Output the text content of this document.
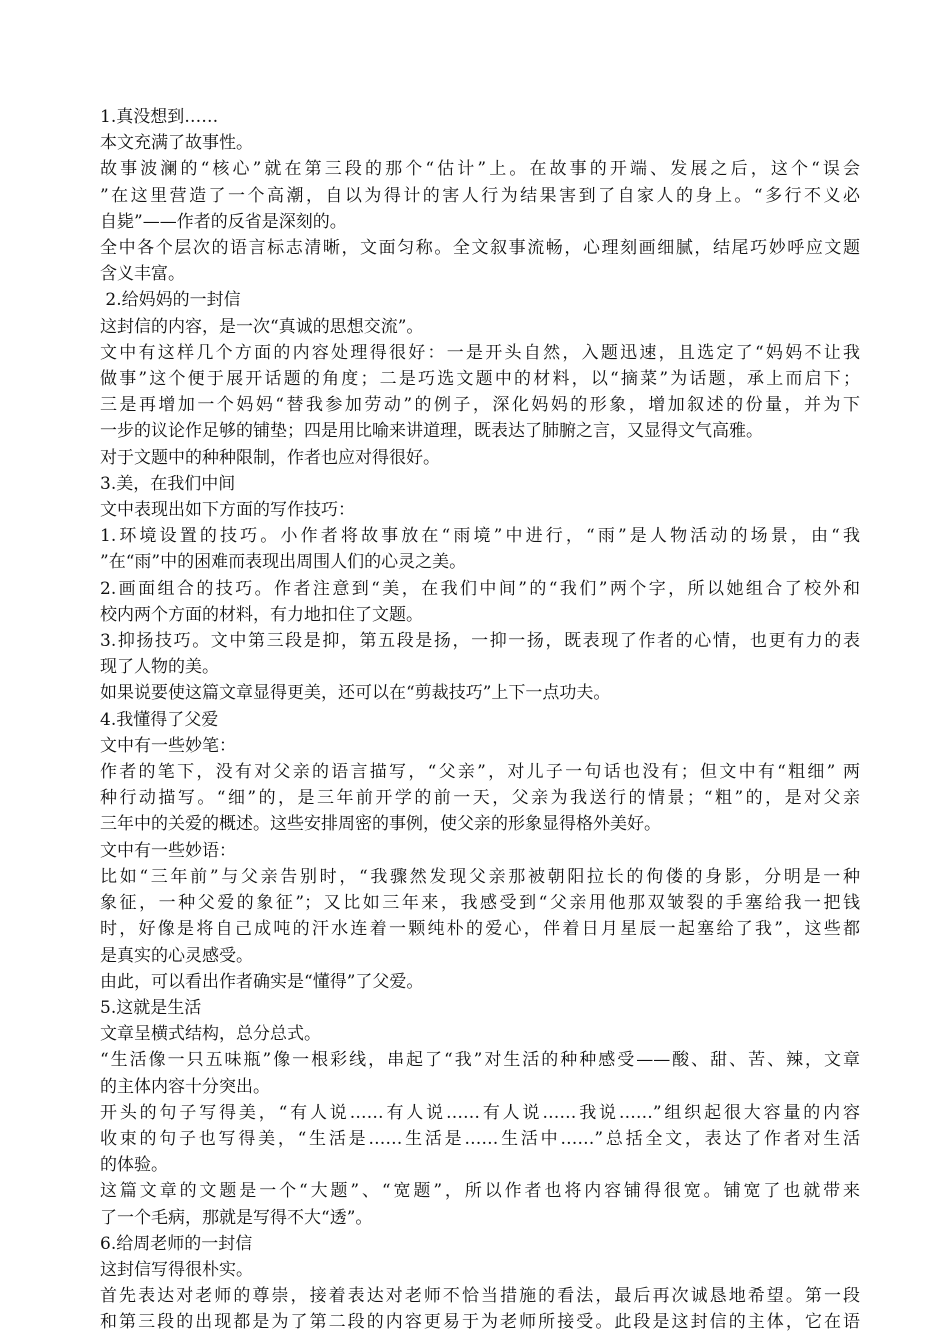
1.真没想到……

本文充满了故事性。

故事波澜的“核心”就在第三段的那个“估计”上。在故事的开端、发展之后，这个“误会

”在这里营造了一个高潮，自以为得计的害人行为结果害到了自家人的身上。“多行不义必

自毙”——作者的反省是深刻的。

全中各个层次的语言标志清晰，文面匀称。全文叙事流畅，心理刻画细腻，结尾巧妙呼应文题

含义丰富。

2.给妈妈的一封信

这封信的内容，是一次“真诚的思想交流”。

文中有这样几个方面的内容处理得很好：一是开头自然，入题迅速，且选定了“妈妈不让我

做事”这个便于展开话题的角度；二是巧选文题中的材料，以“摘菜”为话题，承上而启下；

三是再增加一个妈妈“替我参加劳动”的例子，深化妈妈的形象，增加叙述的份量，并为下

一步的议论作足够的铺垫；四是用比喻来讲道理，既表达了肺腑之言，又显得文气高雅。

对于文题中的种种限制，作者也应对得很好。

3.美，在我们中间

文中表现出如下方面的写作技巧：

1.环境设置的技巧。小作者将故事放在“雨境”中进行，“雨”是人物活动的场景，由“我

”在“雨”中的困难而表现出周围人们的心灵之美。

2.画面组合的技巧。作者注意到“美，在我们中间”的“我们”两个字，所以她组合了校外和

校内两个方面的材料，有力地扣住了文题。

3.抑扬技巧。文中第三段是抑，第五段是扬，一抑一扬，既表现了作者的心情，也更有力的表

现了人物的美。

如果说要使这篇文章显得更美，还可以在“剪裁技巧”上下一点功夫。

4.我懂得了父爱

文中有一些妙笔：

作者的笔下，没有对父亲的语言描写，“父亲”，对儿子一句话也没有；但文中有“粗细” 两

种行动描写。“细”的，是三年前开学的前一天，父亲为我送行的情景；“粗”的，是对父亲

三年中的关爱的概述。这些安排周密的事例，使父亲的形象显得格外美好。

文中有一些妙语：

比如“三年前”与父亲告别时，“我骤然发现父亲那被朝阳拉长的佝偻的身影，分明是一种

象征，一种父爱的象征”；又比如三年来，我感受到“父亲用他那双皱裂的手塞给我一把钱

时，好像是将自己成吨的汗水连着一颗纯朴的爱心，伴着日月星辰一起塞给了我”，这些都

是真实的心灵感受。

由此，可以看出作者确实是“懂得”了父爱。

5.这就是生活

文章呈横式结构，总分总式。

“生活像一只五味瓶”像一根彩线，串起了“我”对生活的种种感受——酸、甜、苦、辣，文章

的主体内容十分突出。

开头的句子写得美，“有人说……有人说……有人说……我说……”组织起很大容量的内容

收束的句子也写得美，“生活是……生活是……生活中……”总括全文，表达了作者对生活

的体验。

这篇文章的文题是一个“大题”、“宽题”，所以作者也将内容铺得很宽。铺宽了也就带来

了一个毛病，那就是写得不大“透”。

6.给周老师的一封信

这封信写得很朴实。

首先表达对老师的尊崇，接着表达对老师不恰当措施的看法，最后再次诚恳地希望。第一段

和第三段的出现都是为了第二段的内容更易于为老师所接受。此段是这封信的主体，它在语
